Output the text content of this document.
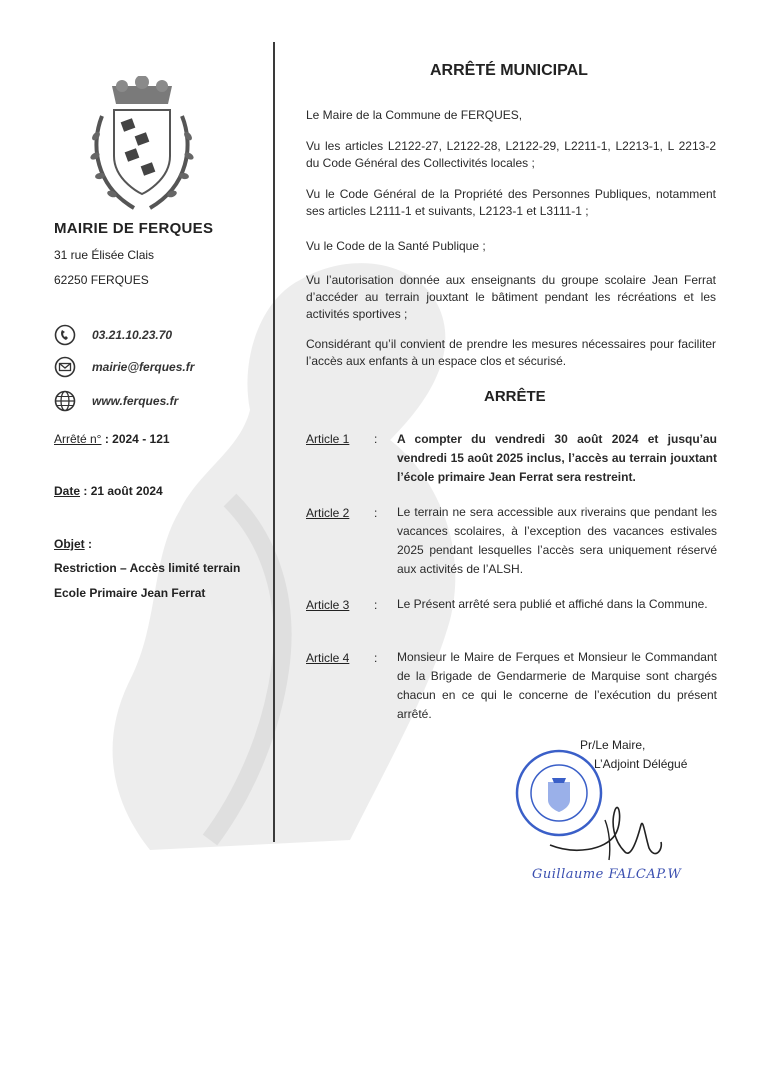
MAIRIE DE FERQUES
31 rue Élisée Clais
62250 FERQUES
03.21.10.23.70
mairie@ferques.fr
www.ferques.fr
Arrêté n° : 2024 - 121
Date : 21 août 2024
Objet :
Restriction – Accès limité terrain Ecole Primaire Jean Ferrat
ARRÊTÉ MUNICIPAL
Le Maire de la Commune de FERQUES,
Vu les articles L2122-27, L2122-28, L2122-29, L2211-1, L2213-1, L 2213-2 du Code Général des Collectivités locales ;
Vu le Code Général de la Propriété des Personnes Publiques, notamment ses articles L2111-1 et suivants, L2123-1 et L3111-1 ;
Vu le Code de la Santé Publique ;
Vu l’autorisation donnée aux enseignants du groupe scolaire Jean Ferrat d’accéder au terrain jouxtant le bâtiment pendant les récréations et les activités sportives ;
Considérant qu’il convient de prendre les mesures nécessaires pour faciliter l’accès aux enfants à un espace clos et sécurisé.
ARRÊTE
Article 1 : A compter du vendredi 30 août 2024 et jusqu’au vendredi 15 août 2025 inclus, l’accès au terrain jouxtant l’école primaire Jean Ferrat sera restreint.
Article 2 : Le terrain ne sera accessible aux riverains que pendant les vacances scolaires, à l’exception des vacances estivales 2025 pendant lesquelles l’accès sera uniquement réservé aux activités de l’ALSH.
Article 3 : Le Présent arrêté sera publié et affiché dans la Commune.
Article 4 : Monsieur le Maire de Ferques et Monsieur le Commandant de la Brigade de Gendarmerie de Marquise sont chargés chacun en ce qui le concerne de l’exécution du présent arrêté.
Pr/Le Maire,
L’Adjoint Délégué
Guillaume FALCAP.W
